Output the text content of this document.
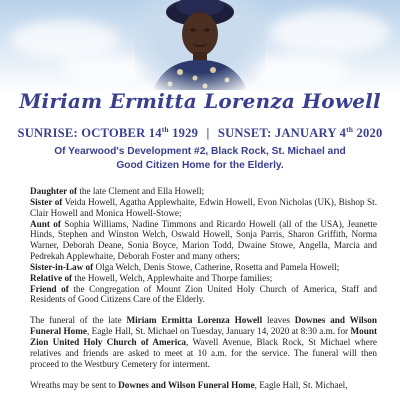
Miriam Ermitta Lorenza Howell
SUNRISE: OCTOBER 14th 1929 | SUNSET: JANUARY 4th 2020
Of Yearwood's Development #2, Black Rock, St. Michael and
Good Citizen Home for the Elderly.

Daughter of the late Clement and Ella Howell;

Sister of Veida Howell, Agatha Applewhaite, Edwin Howell, Evon Nicholas (UK), Bishop St. Clair Howell and Monica Howell-Stowe;

Aunt of Sophia Williams, Nadine Timmons and Ricardo Howell (all of the USA), Jeanette Hinds, Stephen and Winston Welch, Oswald Howell, Sonja Parris, Sharon Griffith, Norma Warner, Deborah Deane, Sonia Boyce, Marion Todd, Dwaine Stowe, Angella, Marcia and Pedrekah Applewhaite, Deborah Foster and many others;

Sister-in-Law of Olga Welch, Denis Stowe, Catherine, Rosetta and Pamela Howell;

Relative of the Howell, Welch, Applewhaite and Thorpe families;

Friend of the Congregation of Mount Zion United Holy Church of America, Staff and Residents of Good Citizens Care of the Elderly.

The funeral of the late Miriam Ermitta Lorenza Howell leaves Downes and Wilson Funeral Home, Eagle Hall, St. Michael on Tuesday, January 14, 2020 at 8:30 a.m. for Mount Zion United Holy Church of America, Wavell Avenue, Black Rock, St Michael where relatives and friends are asked to meet at 10 a.m. for the service. The funeral will then proceed to the Westbury Cemetery for interment.

Wreaths may be sent to Downes and Wilson Funeral Home, Eagle Hall, St. Michael,
